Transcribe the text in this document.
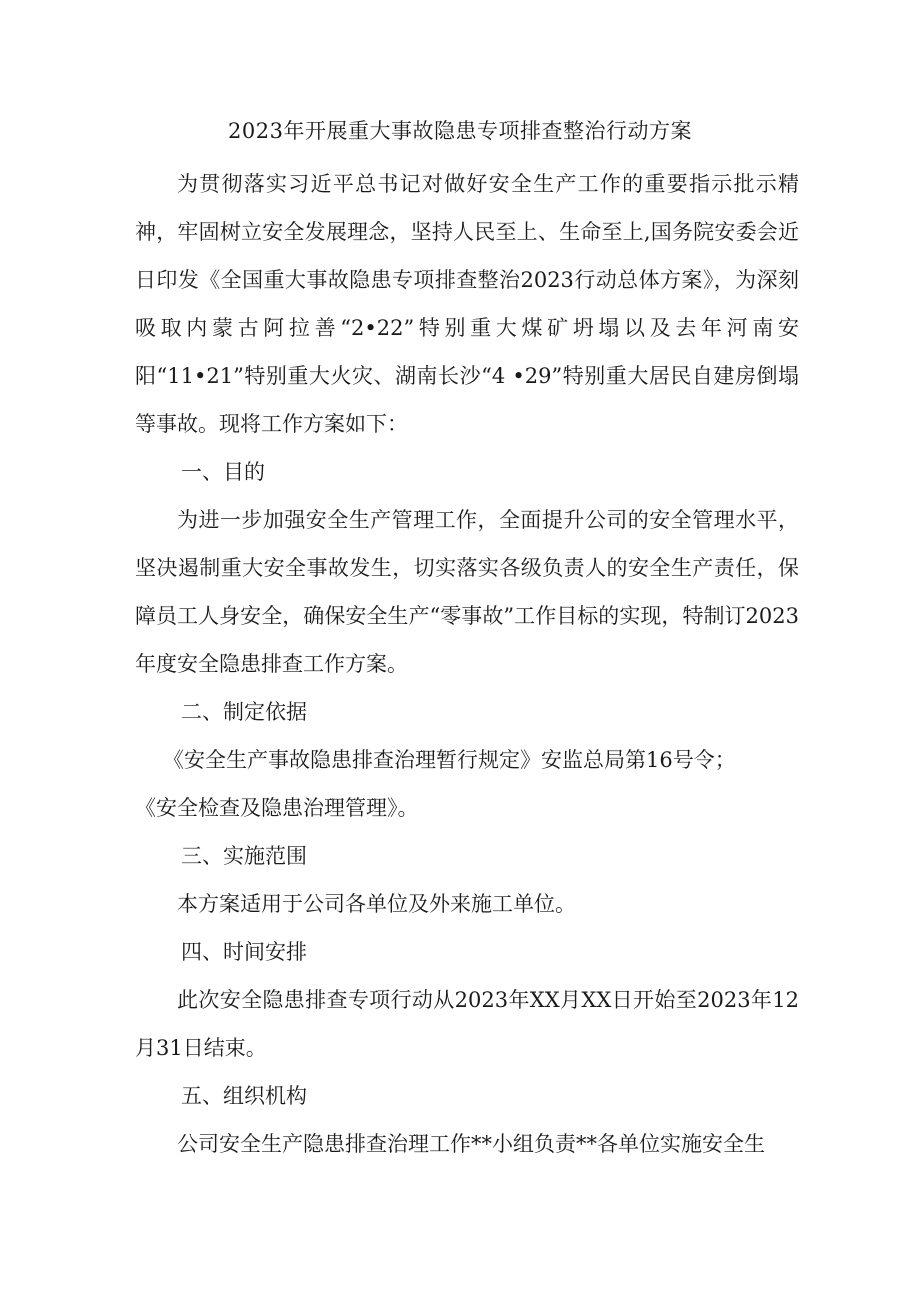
2023年开展重大事故隐患专项排查整治行动方案

为贯彻落实习近平总书记对做好安全生产工作的重要指示批示精神，牢固树立安全发展理念，坚持人民至上、生命至上,国务院安委会近日印发《全国重大事故隐患专项排查整治2023行动总体方案》，为深刻吸取内蒙古阿拉善“2•22”特别重大煤矿坍塌以及去年河南安阳“11•21”特别重大火灾、湖南长沙“4 •29”特别重大居民自建房倒塌等事故。现将工作方案如下：

一、目的

为进一步加强安全生产管理工作，全面提升公司的安全管理水平，坚决遏制重大安全事故发生，切实落实各级负责人的安全生产责任，保障员工人身安全，确保安全生产“零事故”工作目标的实现，特制订2023年度安全隐患排查工作方案。

二、制定依据

《安全生产事故隐患排查治理暂行规定》安监总局第16号令；

《安全检查及隐患治理管理》。

三、实施范围

本方案适用于公司各单位及外来施工单位。

四、时间安排

此次安全隐患排查专项行动从2023年XX月XX日开始至2023年12月31日结束。

五、组织机构

公司安全生产隐患排查治理工作**小组负责**各单位实施安全生
